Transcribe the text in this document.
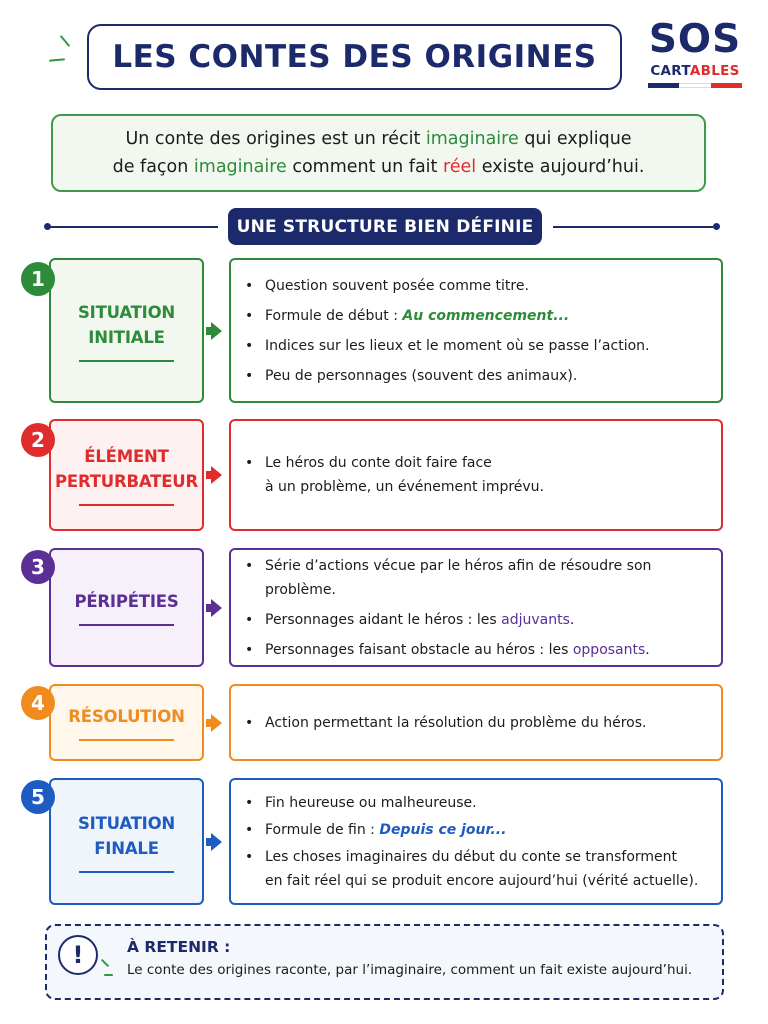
LES CONTES DES ORIGINES SOS
CARTABLES
Un conte des origines est un récit imaginaire qui explique
de façon imaginaire comment un fait réel existe aujourd’hui.
UNE STRUCTURE BIEN DÉFINIE
1
SITUATION
INITIALE
• Question souvent posée comme titre.
• Formule de début : Au commencement...
• Indices sur les lieux et le moment où se passe l’action.
• Peu de personnages (souvent des animaux).
2
ÉLÉMENT
PERTURBATEUR
• Le héros du conte doit faire face
à un problème, un événement imprévu.
3
PÉRIPÉTIES
• Série d’actions vécue par le héros afin de résoudre son problème.
• Personnages aidant le héros : les adjuvants.
• Personnages faisant obstacle au héros : les opposants.
4
RÉSOLUTION	• Action permettant la résolution du problème du héros.
5
SITUATION
FINALE
• Fin heureuse ou malheureuse.
• Formule de fin : Depuis ce jour...
• Les choses imaginaires du début du conte se transforment
en fait réel qui se produit encore aujourd’hui (vérité actuelle).
!	À RETENIR :
Le conte des origines raconte, par l’imaginaire, comment un fait existe aujourd’hui.
